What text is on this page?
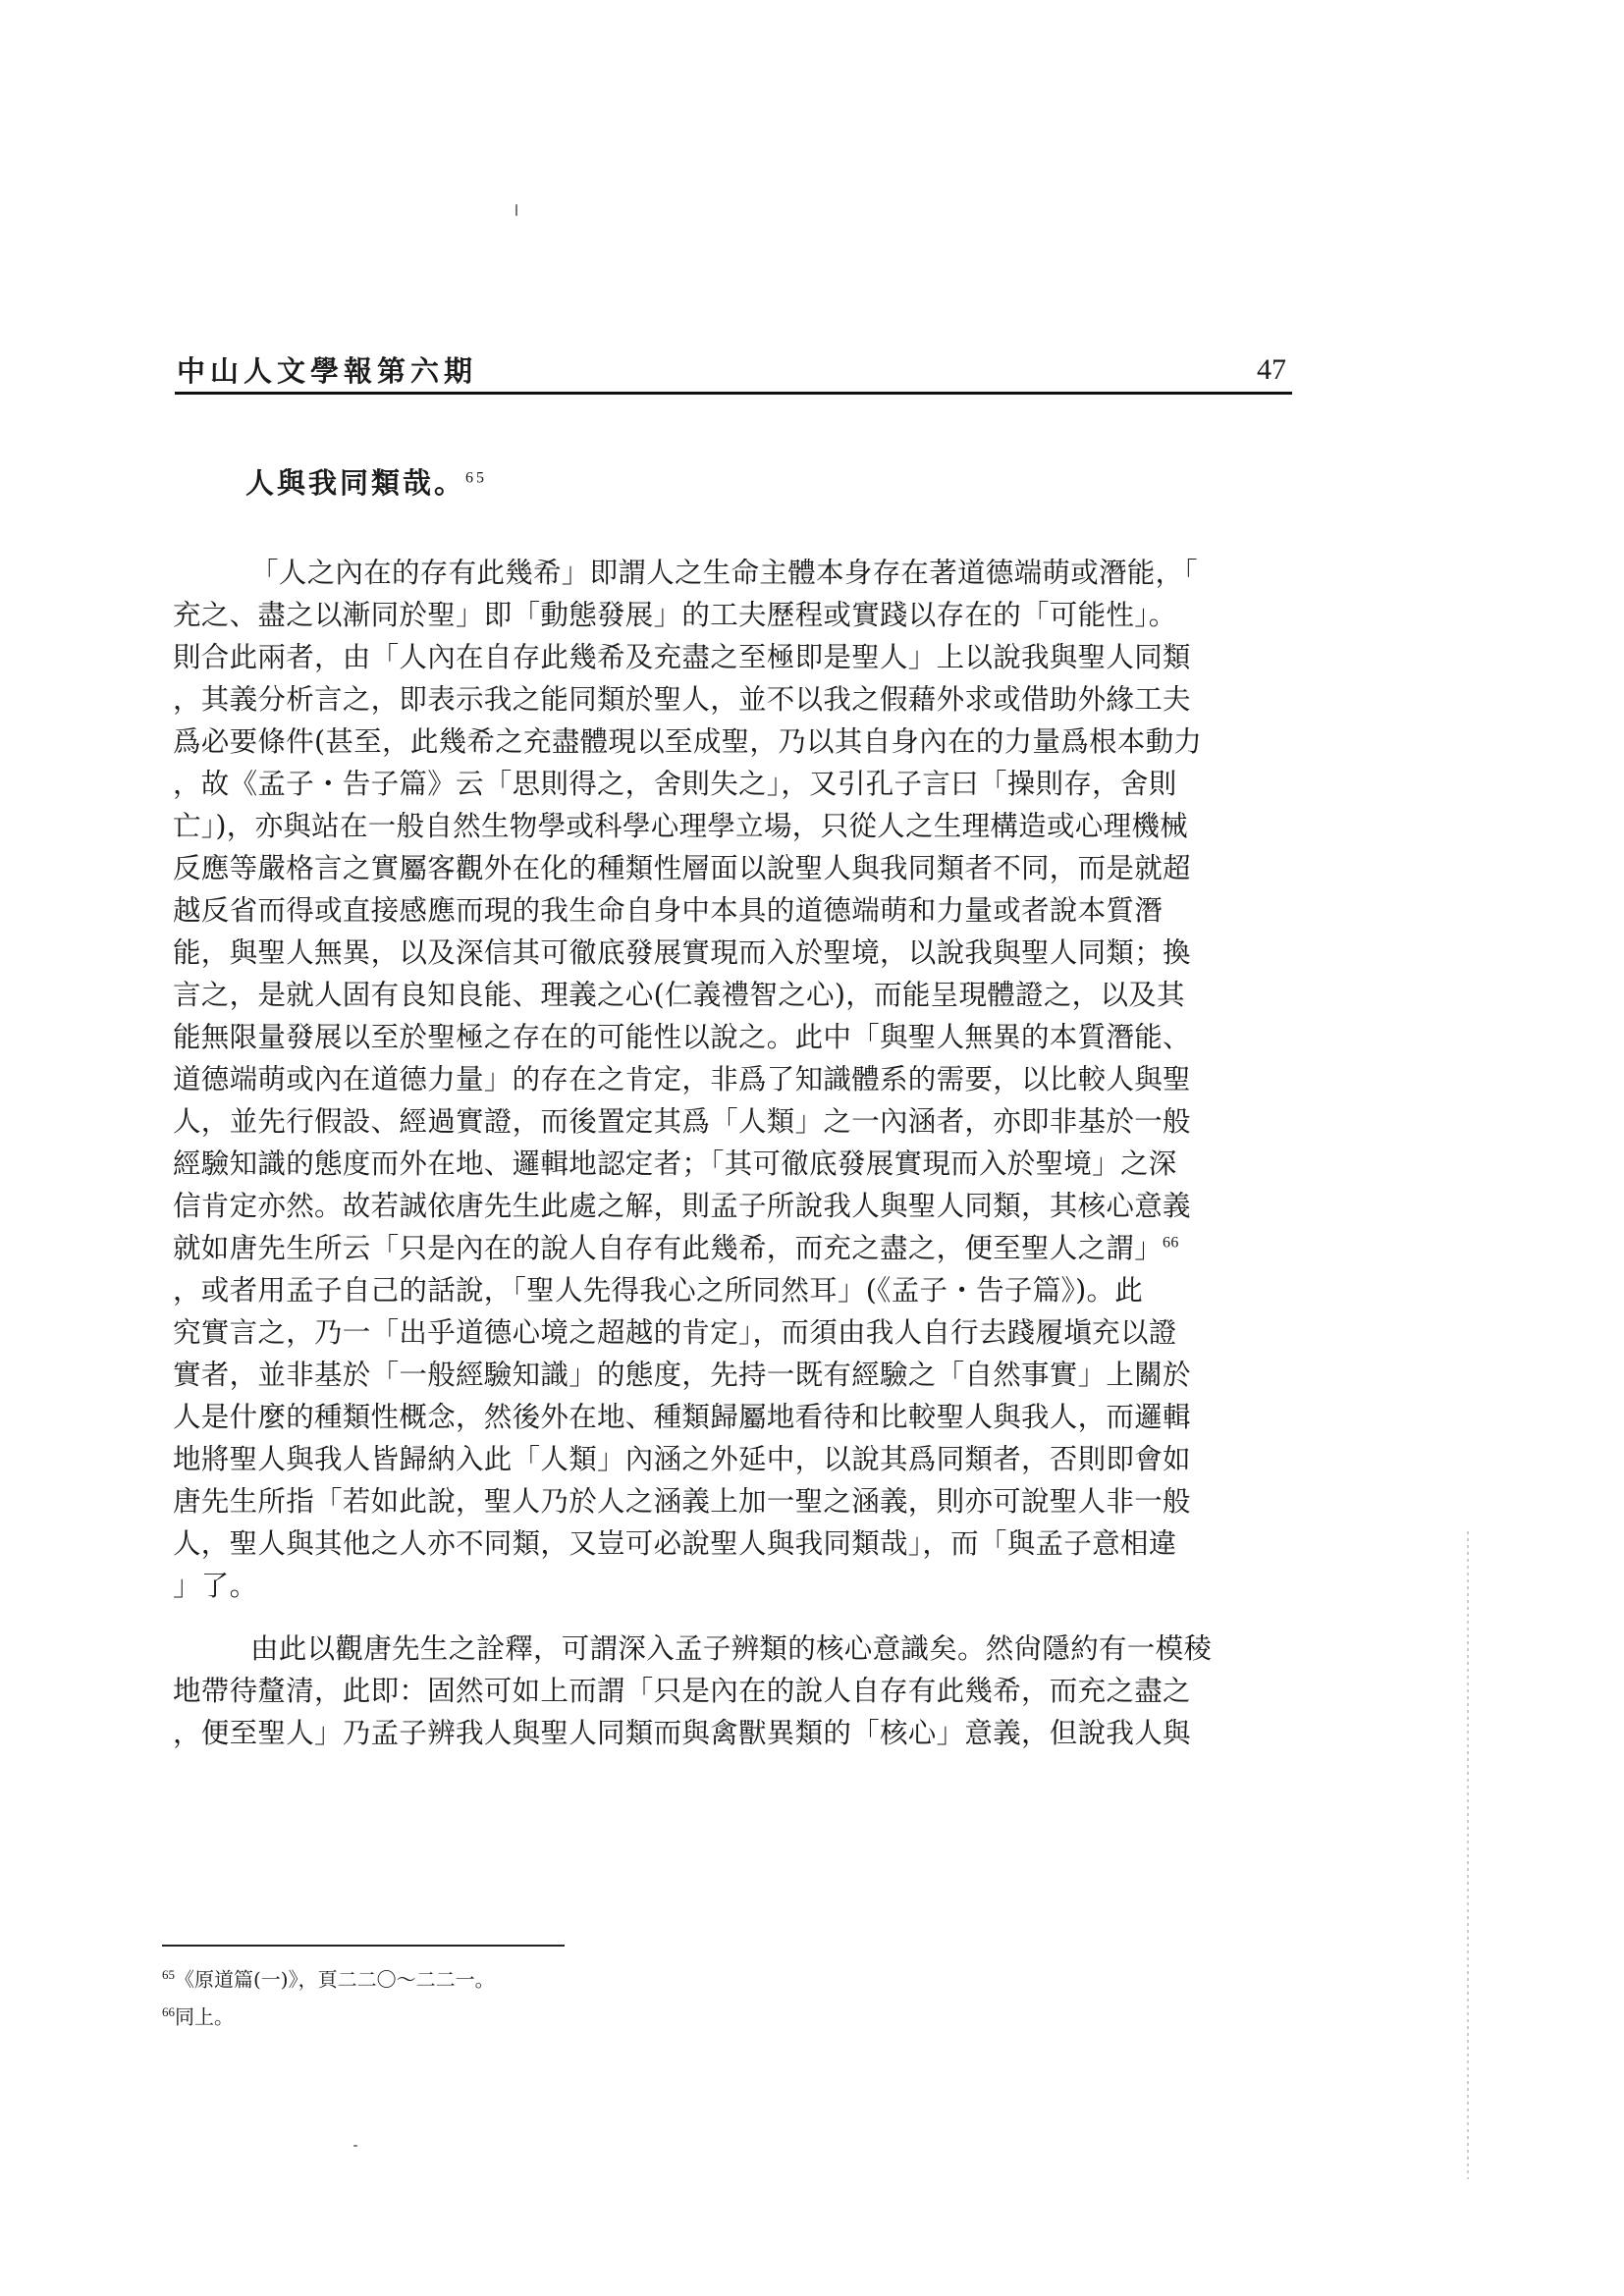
中山人文學報第六期	47
人與我同類哉。$^{65}$
「人之內在的存有此幾希」即謂人之生命主體本身存在著道德端萌或潛能，「
充之、盡之以漸同於聖」即「動態發展」的工夫歷程或實踐以存在的「可能性」。
則合此兩者，由「人內在自存此幾希及充盡之至極即是聖人」上以說我與聖人同類
，其義分析言之，即表示我之能同類於聖人，並不以我之假藉外求或借助外緣工夫
爲必要條件(甚至，此幾希之充盡體現以至成聖，乃以其自身內在的力量爲根本動力
，故《孟子・告子篇》云「思則得之，舍則失之」，又引孔子言曰「操則存，舍則
亡」)，亦與站在一般自然生物學或科學心理學立場，只從人之生理構造或心理機械
反應等嚴格言之實屬客觀外在化的種類性層面以說聖人與我同類者不同，而是就超
越反省而得或直接感應而現的我生命自身中本具的道德端萌和力量或者說本質潛
能，與聖人無異，以及深信其可徹底發展實現而入於聖境，以說我與聖人同類；換
言之，是就人固有良知良能、理義之心(仁義禮智之心)，而能呈現體證之，以及其
能無限量發展以至於聖極之存在的可能性以說之。此中「與聖人無異的本質潛能、
道德端萌或內在道德力量」的存在之肯定，非爲了知識體系的需要，以比較人與聖
人，並先行假設、經過實證，而後置定其爲「人類」之一內涵者，亦即非基於一般
經驗知識的態度而外在地、邏輯地認定者；「其可徹底發展實現而入於聖境」之深
信肯定亦然。故若誠依唐先生此處之解，則孟子所說我人與聖人同類，其核心意義
就如唐先生所云「只是內在的說人自存有此幾希，而充之盡之，便至聖人之謂」$^{66}$
，或者用孟子自己的話說，「聖人先得我心之所同然耳」(《孟子・告子篇》)。此
究實言之，乃一「出乎道德心境之超越的肯定」，而須由我人自行去踐履塡充以證
實者，並非基於「一般經驗知識」的態度，先持一既有經驗之「自然事實」上關於
人是什麼的種類性概念，然後外在地、種類歸屬地看待和比較聖人與我人，而邏輯
地將聖人與我人皆歸納入此「人類」內涵之外延中，以說其爲同類者，否則即會如
唐先生所指「若如此說，聖人乃於人之涵義上加一聖之涵義，則亦可說聖人非一般
人，聖人與其他之人亦不同類，又豈可必說聖人與我同類哉」，而「與孟子意相違
」了。
由此以觀唐先生之詮釋，可謂深入孟子辨類的核心意識矣。然尙隱約有一模稜
地帶待釐清，此即：固然可如上而謂「只是內在的說人自存有此幾希，而充之盡之
，便至聖人」乃孟子辨我人與聖人同類而與禽獸異類的「核心」意義，但說我人與
$^{65}$《原道篇(一)》，頁二二〇～二二一。
$^{66}$同上。
